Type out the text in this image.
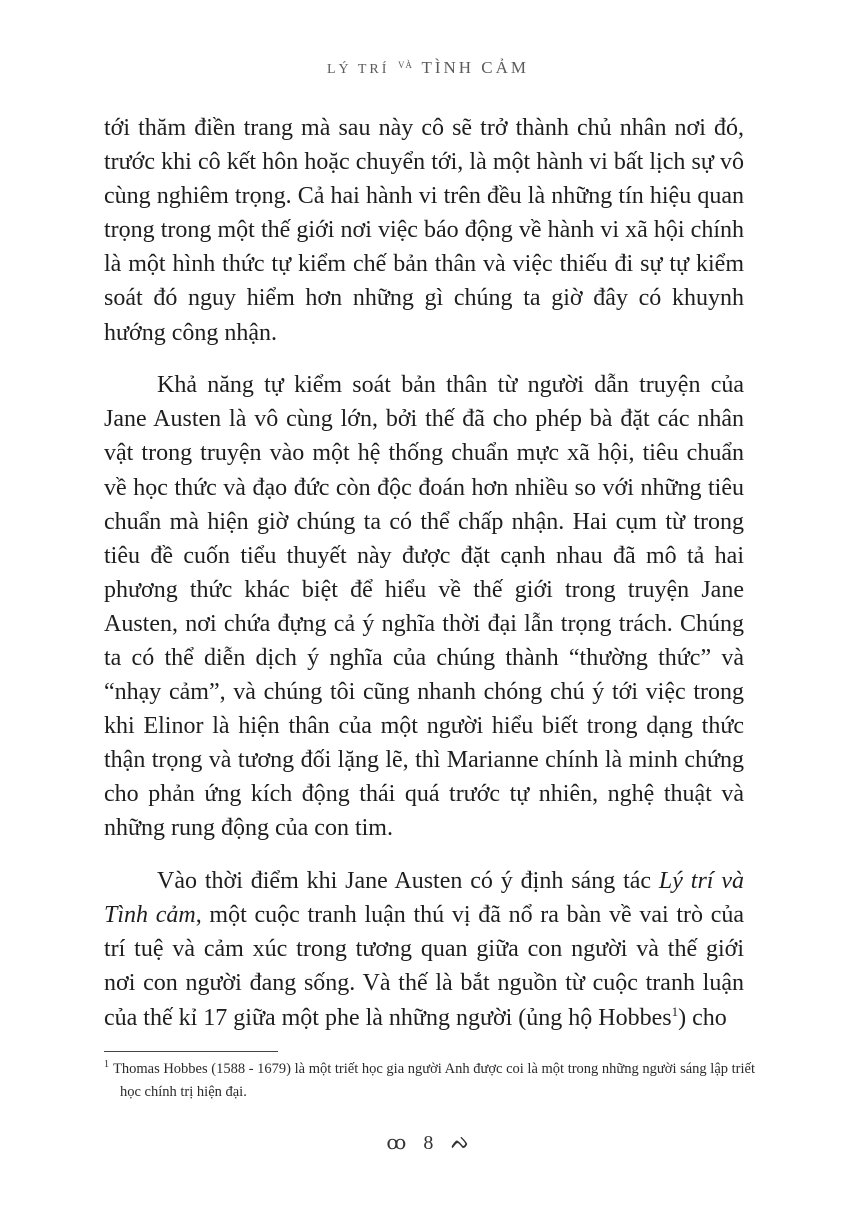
LÝ TRÍ $^{VÀ}$ TÌNH CẢM

tới thăm điền trang mà sau này cô sẽ trở thành chủ nhân nơi đó, trước khi cô kết hôn hoặc chuyển tới, là một hành vi bất lịch sự vô cùng nghiêm trọng. Cả hai hành vi trên đều là những tín hiệu quan trọng trong một thế giới nơi việc báo động về hành vi xã hội chính là một hình thức tự kiểm chế bản thân và việc thiếu đi sự tự kiểm soát đó nguy hiểm hơn những gì chúng ta giờ đây có khuynh hướng công nhận.

Khả năng tự kiểm soát bản thân từ người dẫn truyện của Jane Austen là vô cùng lớn, bởi thế đã cho phép bà đặt các nhân vật trong truyện vào một hệ thống chuẩn mực xã hội, tiêu chuẩn về học thức và đạo đức còn độc đoán hơn nhiều so với những tiêu chuẩn mà hiện giờ chúng ta có thể chấp nhận. Hai cụm từ trong tiêu đề cuốn tiểu thuyết này được đặt cạnh nhau đã mô tả hai phương thức khác biệt để hiểu về thế giới trong truyện Jane Austen, nơi chứa đựng cả ý nghĩa thời đại lẫn trọng trách. Chúng ta có thể diễn dịch ý nghĩa của chúng thành “thường thức” và “nhạy cảm”, và chúng tôi cũng nhanh chóng chú ý tới việc trong khi Elinor là hiện thân của một người hiểu biết trong dạng thức thận trọng và tương đối lặng lẽ, thì Marianne chính là minh chứng cho phản ứng kích động thái quá trước tự nhiên, nghệ thuật và những rung động của con tim.

Vào thời điểm khi Jane Austen có ý định sáng tác Lý trí và Tình cảm, một cuộc tranh luận thú vị đã nổ ra bàn về vai trò của trí tuệ và cảm xúc trong tương quan giữa con người và thế giới nơi con người đang sống. Và thế là bắt nguồn từ cuộc tranh luận của thế kỉ 17 giữa một phe là những người (ủng hộ Hobbes$^1$) cho

$^1$ Thomas Hobbes (1588 - 1679) là một triết học gia người Anh được coi là một trong những người sáng lập triết học chính trị hiện đại.
ꝏ 8 ᨄ
